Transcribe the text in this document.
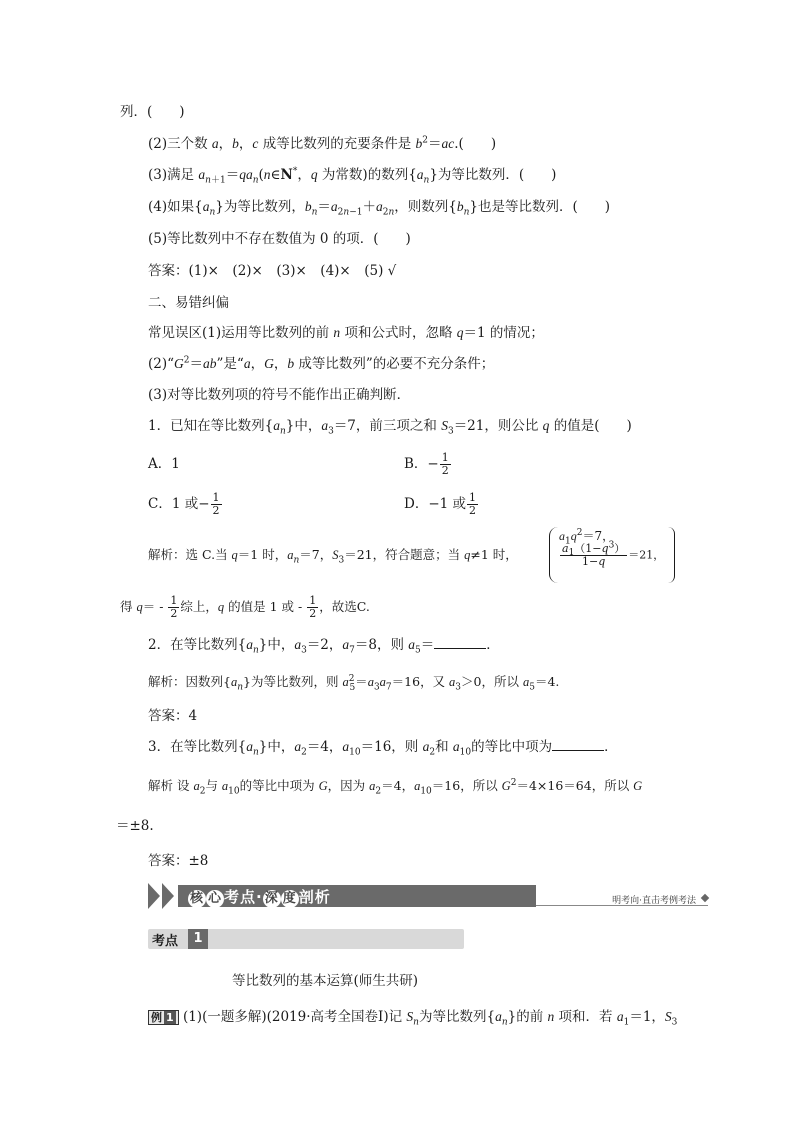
列．(　　)
(2)三个数 a，b，c 成等比数列的充要条件是 $b^2=ac$.(　　)
(3)满足 $a_{n+1}=qa_n(n\in N^*$，q 为常数)的数列$\{a_n\}$为等比数列．(　　)
(4)如果$\{a_n\}$为等比数列，$b_n=a_{2n-1}+a_{2n}$，则数列$\{b_n\}$也是等比数列．(　　)
(5)等比数列中不存在数值为 0 的项．(　　)
答案：(1)×　(2)×　(3)×　(4)×　(5) √
二、易错纠偏
常见误区(1)运用等比数列的前 n 项和公式时，忽略 q＝1 的情况；
$(2)“G^2=ab$”是“a，G，b 成等比数列”的必要不充分条件；
(3)对等比数列项的符号不能作出正确判断．
1．已知在等比数列$\{a_n\}$中，$a_3=7$，前三项之和 $S_3=21$，则公比 q 的值是(　　)
A．1	B．− $\frac{1}{2}$
C．1 或− $\frac{1}{2}$	D．−1 或 $\frac{1}{2}$
解析：选 C.当 q＝1 时，$a_n=7$，$S_3=21$，符合题意；当 q≠1 时，
$a_1q^2=7$，
$\frac{a_1(1-q^3)}{1-q} =21$，
得 $q= - \frac{1}{2}$ 综上，q 的值是 1 或 - $\frac{1}{2}$ ，故选C.
2．在等比数列$\{a_n\}$中，$a_3=2$，$a_7=8$，则 $a_5=$	．
解析：因数列$\{a_n\}$为等比数列，则 $a^2_5=a_3a_7=16$，又 $a_3>0$，所以 $a_5=4$.
答案：4
3．在等比数列$\{a_n\}$中，$a_2=4$，$a_{10}=16$，则 $a_2$和 $a_{10}$的等比中项为	．
解析 设 $a_2$与 $a_{10}$的等比中项为 G，因为 $a_2=4$，$a_{10}=16$，所以 $G^2=4\times 16=64$，所以 G
＝±8.
答案：±8
核 心 考点· 深 度 剖析	明考向·直击考例考法
考点	1
等比数列的基本运算(师生共研)
例 1 (1)(一题多解)(2019·高考全国卷Ⅰ)记 $S_n$为等比数列$\{a_n\}$的前 n 项和．若 $a_1=1$，$S_3$
